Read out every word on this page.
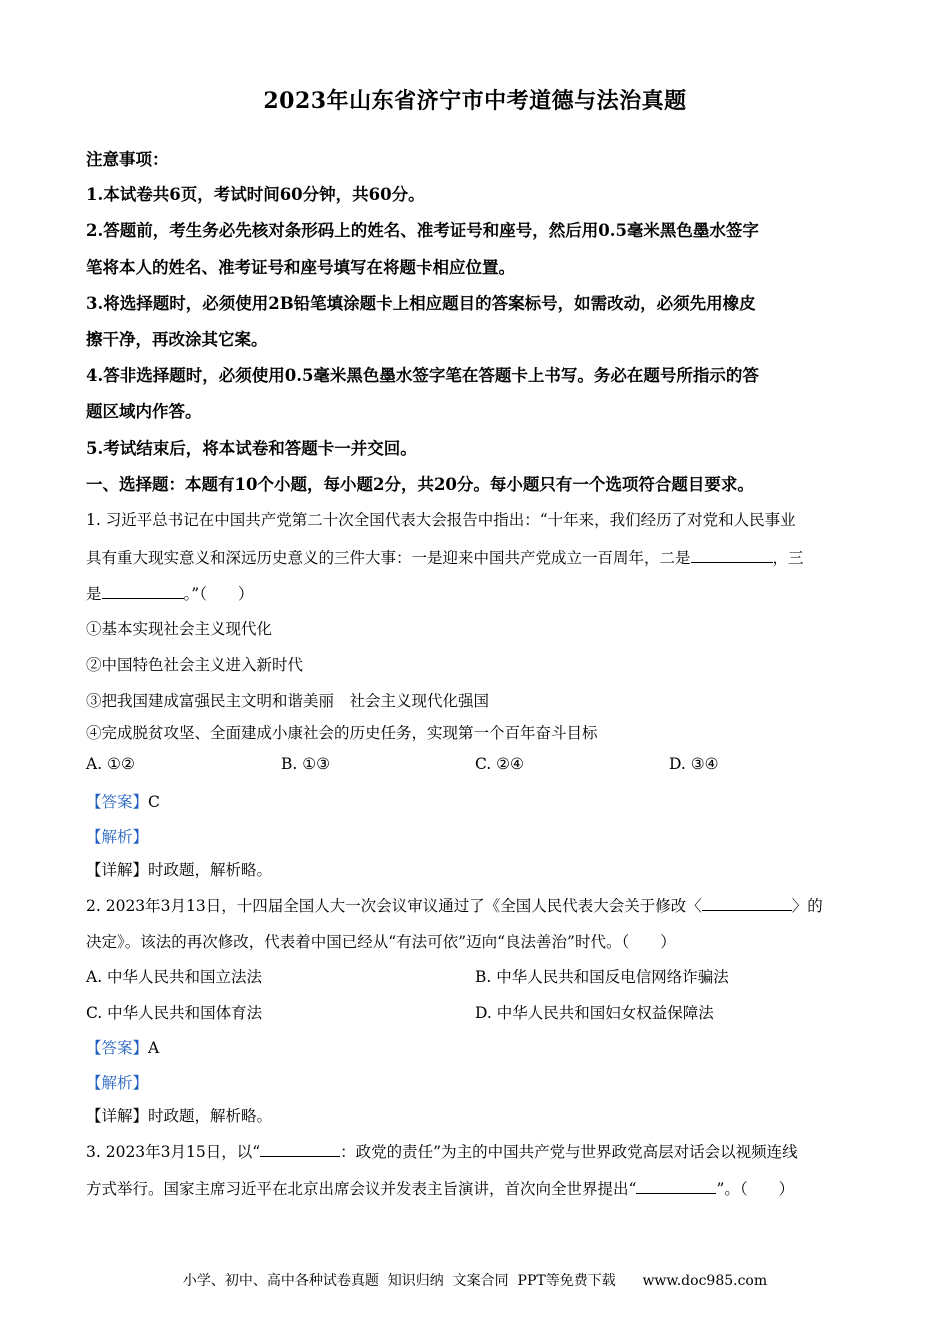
2023年山东省济宁市中考道德与法治真题
注意事项：
1.本试卷共6页，考试时间60分钟，共60分。
2.答题前，考生务必先核对条形码上的姓名、准考证号和座号，然后用0.5毫米黑色墨水签字
笔将本人的姓名、准考证号和座号填写在将题卡相应位置。
3.将选择题时，必须使用2B铅笔填涂题卡上相应题目的答案标号，如需改动，必须先用橡皮
擦干净，再改涂其它案。
4.答非选择题时，必须使用0.5毫米黑色墨水签字笔在答题卡上书写。务必在题号所指示的答
题区域内作答。
5.考试结束后，将本试卷和答题卡一并交回。
一、选择题：本题有10个小题，每小题2分，共20分。每小题只有一个选项符合题目要求。
1. 习近平总书记在中国共产党第二十次全国代表大会报告中指出：“十年来，我们经历了对党和人民事业
具有重大现实意义和深远历史意义的三件大事：一是迎来中国共产党成立一百周年，二是	，三
是	。”（　　）
①基本实现社会主义现代化
②中国特色社会主义进入新时代
③把我国建成富强民主文明和谐美丽　社会主义现代化强国
④完成脱贫攻坚、全面建成小康社会的历史任务，实现第一个百年奋斗目标
A. ①②	B. ①③	C. ②④	D. ③④
【答案】C
【解析】
【详解】时政题，解析略。
2. 2023年3月13日，十四届全国人大一次会议审议通过了《全国人民代表大会关于修改〈	〉的
决定》。该法的再次修改，代表着中国已经从“有法可依”迈向“良法善治”时代。（　　）
A. 中华人民共和国立法法	B. 中华人民共和国反电信网络诈骗法
C. 中华人民共和国体育法	D. 中华人民共和国妇女权益保障法
【答案】A
【解析】
【详解】时政题，解析略。
3. 2023年3月15日，以“	：政党的责任”为主的中国共产党与世界政党高层对话会以视频连线
方式举行。国家主席习近平在北京出席会议并发表主旨演讲，首次向全世界提出“	”。（　　）
小学、初中、高中各种试卷真题  知识归纳  文案合同  PPT等免费下载      www.doc985.com
